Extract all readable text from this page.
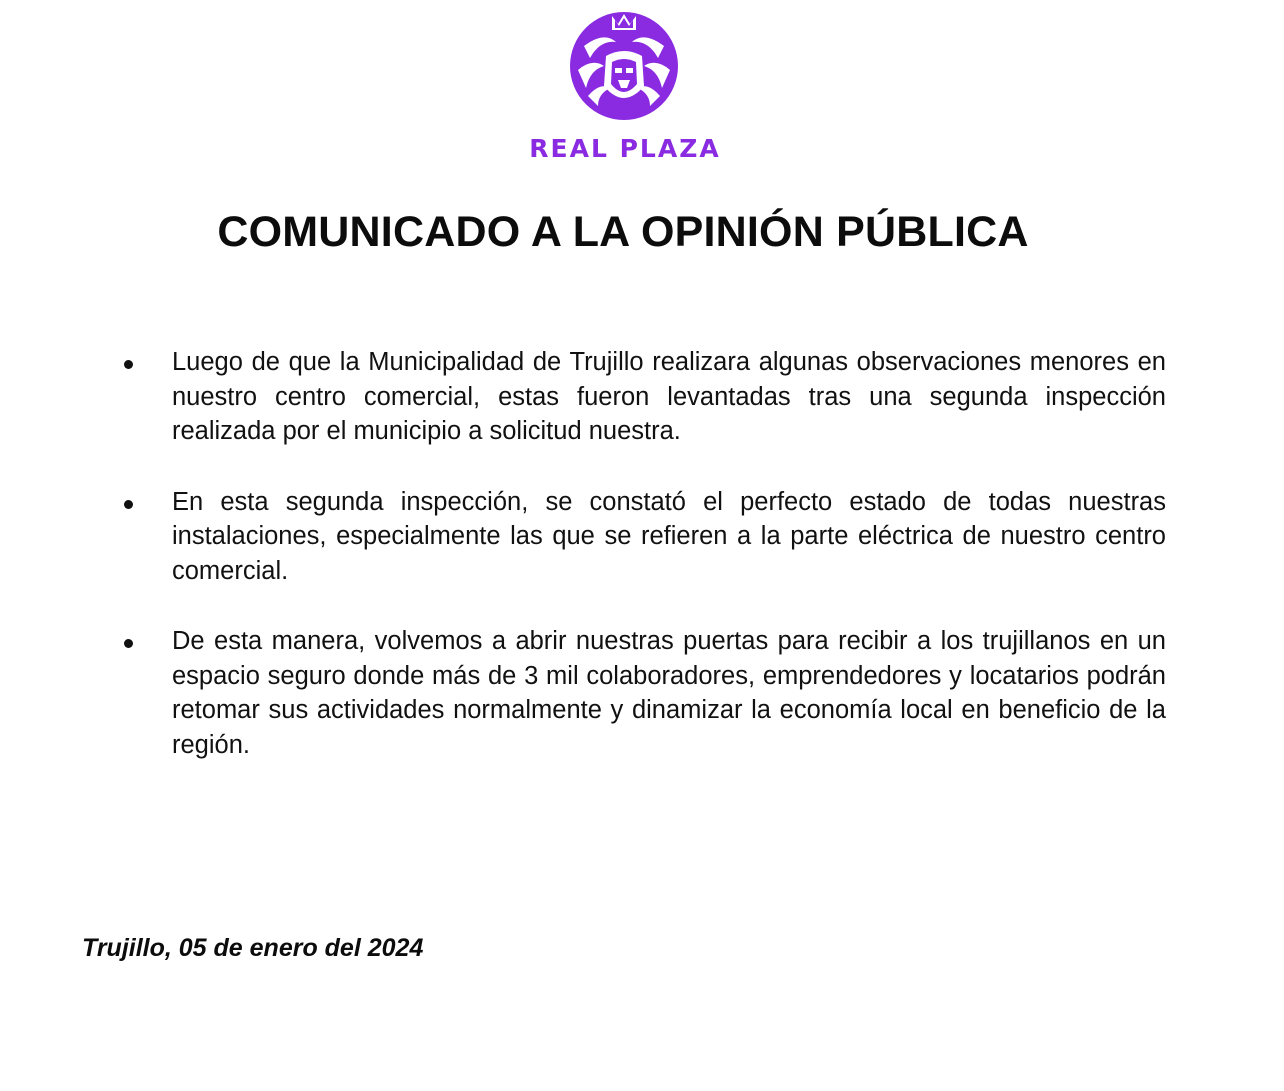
REAL PLAZA
COMUNICADO A LA OPINIÓN PÚBLICA
Luego de que la Municipalidad de Trujillo realizara algunas observaciones menores en nuestro centro comercial, estas fueron levantadas tras una segunda inspección realizada por el municipio a solicitud nuestra.
En esta segunda inspección, se constató el perfecto estado de todas nuestras instalaciones, especialmente las que se refieren a la parte eléctrica de nuestro centro comercial.
De esta manera, volvemos a abrir nuestras puertas para recibir a los trujillanos en un espacio seguro donde más de 3 mil colaboradores, emprendedores y locatarios podrán retomar sus actividades normalmente y dinamizar la economía local en beneficio de la región.
Trujillo, 05 de enero del 2024
